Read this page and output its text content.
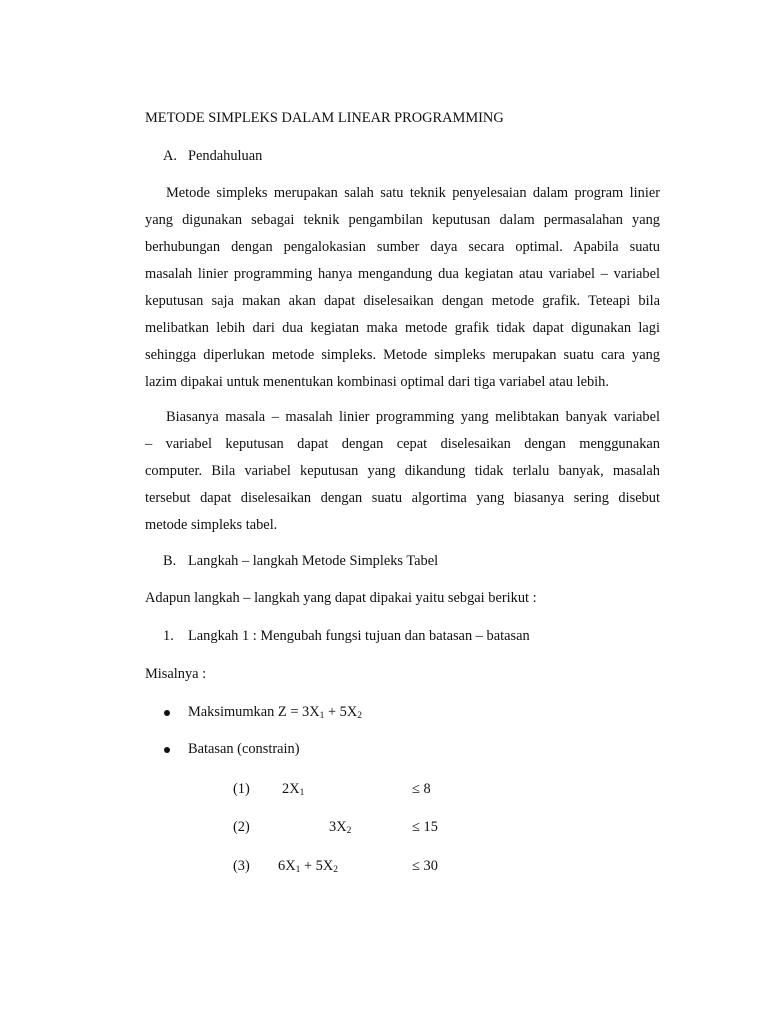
METODE SIMPLEKS DALAM LINEAR PROGRAMMING
A. Pendahuluan
Metode simpleks merupakan salah satu teknik penyelesaian dalam program linier
yang digunakan sebagai teknik pengambilan keputusan dalam permasalahan yang
berhubungan dengan pengalokasian sumber daya secara optimal. Apabila suatu
masalah linier programming hanya mengandung dua kegiatan atau variabel – variabel
keputusan saja makan akan dapat diselesaikan dengan metode grafik. Teteapi bila
melibatkan lebih dari dua kegiatan maka metode grafik tidak dapat digunakan lagi
sehingga diperlukan metode simpleks. Metode simpleks merupakan suatu cara yang
lazim dipakai untuk menentukan kombinasi optimal dari tiga variabel atau lebih.
Biasanya masala – masalah linier programming yang melibtakan banyak variabel
– variabel keputusan dapat dengan cepat diselesaikan dengan menggunakan
computer. Bila variabel keputusan yang dikandung tidak terlalu banyak, masalah
tersebut dapat diselesaikan dengan suatu algortima yang biasanya sering disebut
metode simpleks tabel.
B. Langkah – langkah Metode Simpleks Tabel
Adapun langkah – langkah yang dapat dipakai yaitu sebgai berikut :
1. Langkah 1 : Mengubah fungsi tujuan dan batasan – batasan
Misalnya :
Maksimumkan $Z = 3X_1 + 5X_2$
Batasan (constrain)
(1) $2X_1$	≤ 8
(2)	$3X_2$	≤ 15
(3) $6X_1 + 5X_2$	≤ 30
